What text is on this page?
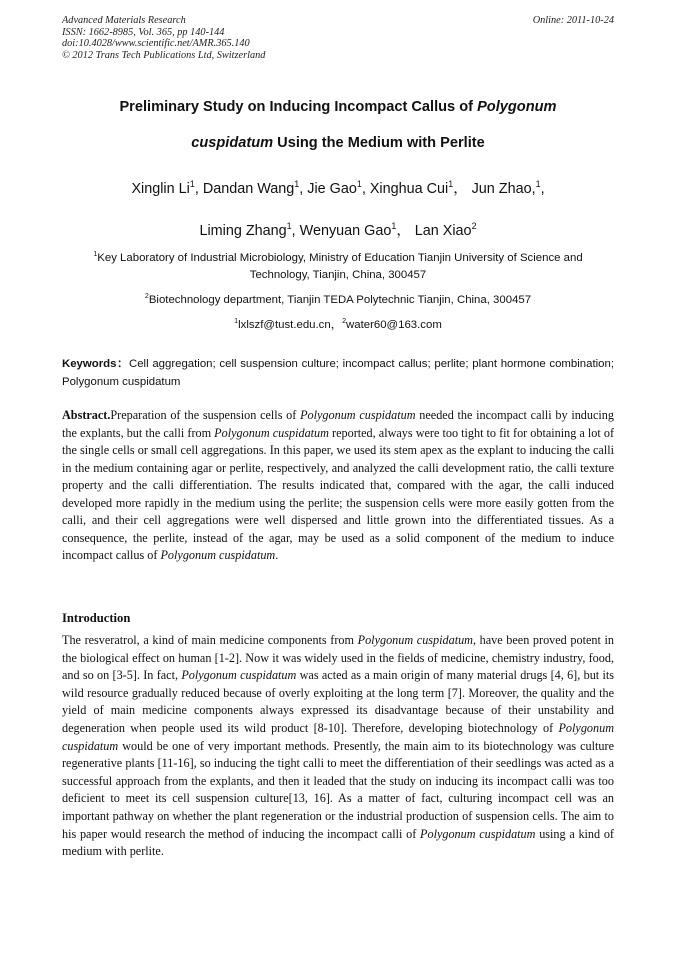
Advanced Materials Research	Online: 2011-10-24
ISSN: 1662-8985, Vol. 365, pp 140-144
doi:10.4028/www.scientific.net/AMR.365.140
© 2012 Trans Tech Publications Ltd, Switzerland
Preliminary Study on Inducing Incompact Callus of Polygonum
cuspidatum Using the Medium with Perlite
Xinglin Li$^1$, Dandan Wang$^1$, Jie Gao$^1$, Xinghua Cui$^1$， Jun Zhao,$^1$,
Liming Zhang$^1$, Wenyuan Gao$^1$， Lan Xiao$^2$
$^1$Key Laboratory of Industrial Microbiology, Ministry of Education Tianjin University of Science and Technology, Tianjin, China, 300457
$^2$Biotechnology department, Tianjin TEDA Polytechnic Tianjin, China, 300457
$^1$lxlszf@tust.edu.cn，$^2$water60@163.com
Keywords：Cell aggregation; cell suspension culture; incompact callus; perlite; plant hormone combination; Polygonum cuspidatum
Abstract.Preparation of the suspension cells of Polygonum cuspidatum needed the incompact calli by inducing the explants, but the calli from Polygonum cuspidatum reported, always were too tight to fit for obtaining a lot of the single cells or small cell aggregations. In this paper, we used its stem apex as the explant to inducing the calli in the medium containing agar or perlite, respectively, and analyzed the calli development ratio, the calli texture property and the calli differentiation. The results indicated that, compared with the agar, the calli induced developed more rapidly in the medium using the perlite; the suspension cells were more easily gotten from the calli, and their cell aggregations were well dispersed and little grown into the differentiated tissues. As a consequence, the perlite, instead of the agar, may be used as a solid component of the medium to induce incompact callus of Polygonum cuspidatum.
Introduction
The resveratrol, a kind of main medicine components from Polygonum cuspidatum, have been proved potent in the biological effect on human [1-2]. Now it was widely used in the fields of medicine, chemistry industry, food, and so on [3-5]. In fact, Polygonum cuspidatum was acted as a main origin of many material drugs [4, 6], but its wild resource gradually reduced because of overly exploiting at the long term [7]. Moreover, the quality and the yield of main medicine components always expressed its disadvantage because of their unstability and degeneration when people used its wild product [8-10]. Therefore, developing biotechnology of Polygonum cuspidatum would be one of very important methods. Presently, the main aim to its biotechnology was culture regenerative plants [11-16], so inducing the tight calli to meet the differentiation of their seedlings was acted as a successful approach from the explants, and then it leaded that the study on inducing its incompact calli was too deficient to meet its cell suspension culture[13, 16]. As a matter of fact, culturing incompact cell was an important pathway on whether the plant regeneration or the industrial production of suspension cells. The aim to his paper would research the method of inducing the incompact calli of Polygonum cuspidatum using a kind of medium with perlite.
